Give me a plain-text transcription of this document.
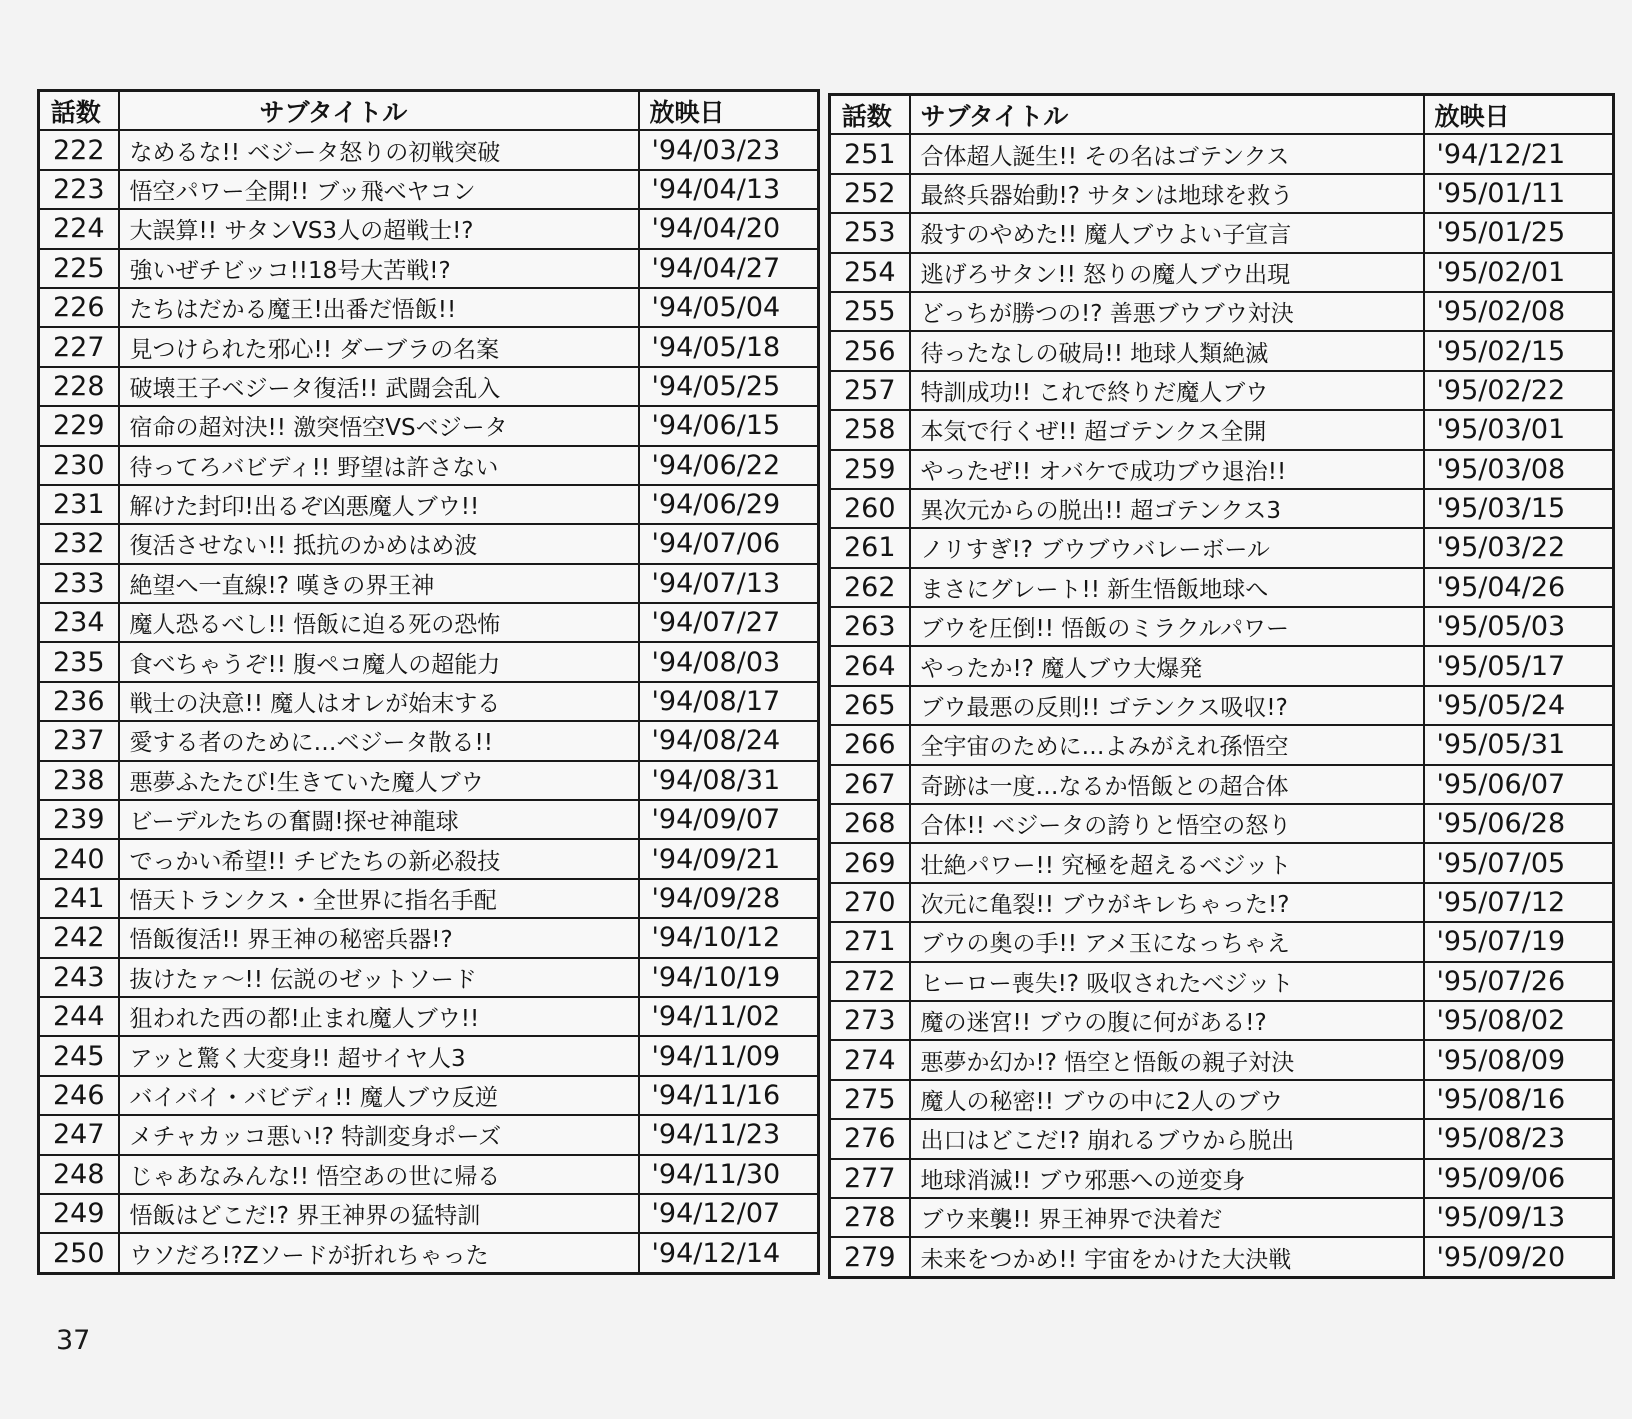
話数	サブタイトル	放映日
222	なめるな!! ベジータ怒りの初戦突破	'94/03/23
223	悟空パワー全開!! ブッ飛べヤコン	'94/04/13
224	大誤算!! サタンVS3人の超戦士!?	'94/04/20
225	強いぜチビッコ!!18号大苦戦!?	'94/04/27
226	たちはだかる魔王!出番だ悟飯!!	'94/05/04
227	見つけられた邪心!! ダーブラの名案	'94/05/18
228	破壊王子ベジータ復活!! 武闘会乱入	'94/05/25
229	宿命の超対決!! 激突悟空VSベジータ	'94/06/15
230	待ってろバビディ!! 野望は許さない	'94/06/22
231	解けた封印!出るぞ凶悪魔人ブウ!!	'94/06/29
232	復活させない!! 抵抗のかめはめ波	'94/07/06
233	絶望へ一直線!? 嘆きの界王神	'94/07/13
234	魔人恐るべし!! 悟飯に迫る死の恐怖	'94/07/27
235	食べちゃうぞ!! 腹ペコ魔人の超能力	'94/08/03
236	戦士の決意!! 魔人はオレが始末する	'94/08/17
237	愛する者のために…ベジータ散る!!	'94/08/24
238	悪夢ふたたび!生きていた魔人ブウ	'94/08/31
239	ビーデルたちの奮闘!探せ神龍球	'94/09/07
240	でっかい希望!! チビたちの新必殺技	'94/09/21
241	悟天トランクス・全世界に指名手配	'94/09/28
242	悟飯復活!! 界王神の秘密兵器!?	'94/10/12
243	抜けたァ〜!! 伝説のゼットソード	'94/10/19
244	狙われた西の都!止まれ魔人ブウ!!	'94/11/02
245	アッと驚く大変身!! 超サイヤ人3	'94/11/09
246	バイバイ・バビディ!! 魔人ブウ反逆	'94/11/16
247	メチャカッコ悪い!? 特訓変身ポーズ	'94/11/23
248	じゃあなみんな!! 悟空あの世に帰る	'94/11/30
249	悟飯はどこだ!? 界王神界の猛特訓	'94/12/07
250	ウソだろ!?Zソードが折れちゃった	'94/12/14
話数	サブタイトル	放映日
251	合体超人誕生!! その名はゴテンクス	'94/12/21
252	最終兵器始動!? サタンは地球を救う	'95/01/11
253	殺すのやめた!! 魔人ブウよい子宣言	'95/01/25
254	逃げろサタン!! 怒りの魔人ブウ出現	'95/02/01
255	どっちが勝つの!? 善悪ブウブウ対決	'95/02/08
256	待ったなしの破局!! 地球人類絶滅	'95/02/15
257	特訓成功!! これで終りだ魔人ブウ	'95/02/22
258	本気で行くぜ!! 超ゴテンクス全開	'95/03/01
259	やったぜ!! オバケで成功ブウ退治!!	'95/03/08
260	異次元からの脱出!! 超ゴテンクス3	'95/03/15
261	ノリすぎ!? ブウブウバレーボール	'95/03/22
262	まさにグレート!! 新生悟飯地球へ	'95/04/26
263	ブウを圧倒!! 悟飯のミラクルパワー	'95/05/03
264	やったか!? 魔人ブウ大爆発	'95/05/17
265	ブウ最悪の反則!! ゴテンクス吸収!?	'95/05/24
266	全宇宙のために…よみがえれ孫悟空	'95/05/31
267	奇跡は一度…なるか悟飯との超合体	'95/06/07
268	合体!! ベジータの誇りと悟空の怒り	'95/06/28
269	壮絶パワー!! 究極を超えるベジット	'95/07/05
270	次元に亀裂!! ブウがキレちゃった!?	'95/07/12
271	ブウの奥の手!! アメ玉になっちゃえ	'95/07/19
272	ヒーロー喪失!? 吸収されたベジット	'95/07/26
273	魔の迷宮!! ブウの腹に何がある!?	'95/08/02
274	悪夢か幻か!? 悟空と悟飯の親子対決	'95/08/09
275	魔人の秘密!! ブウの中に2人のブウ	'95/08/16
276	出口はどこだ!? 崩れるブウから脱出	'95/08/23
277	地球消滅!! ブウ邪悪への逆変身	'95/09/06
278	ブウ来襲!! 界王神界で決着だ	'95/09/13
279	未来をつかめ!! 宇宙をかけた大決戦	'95/09/20
37
